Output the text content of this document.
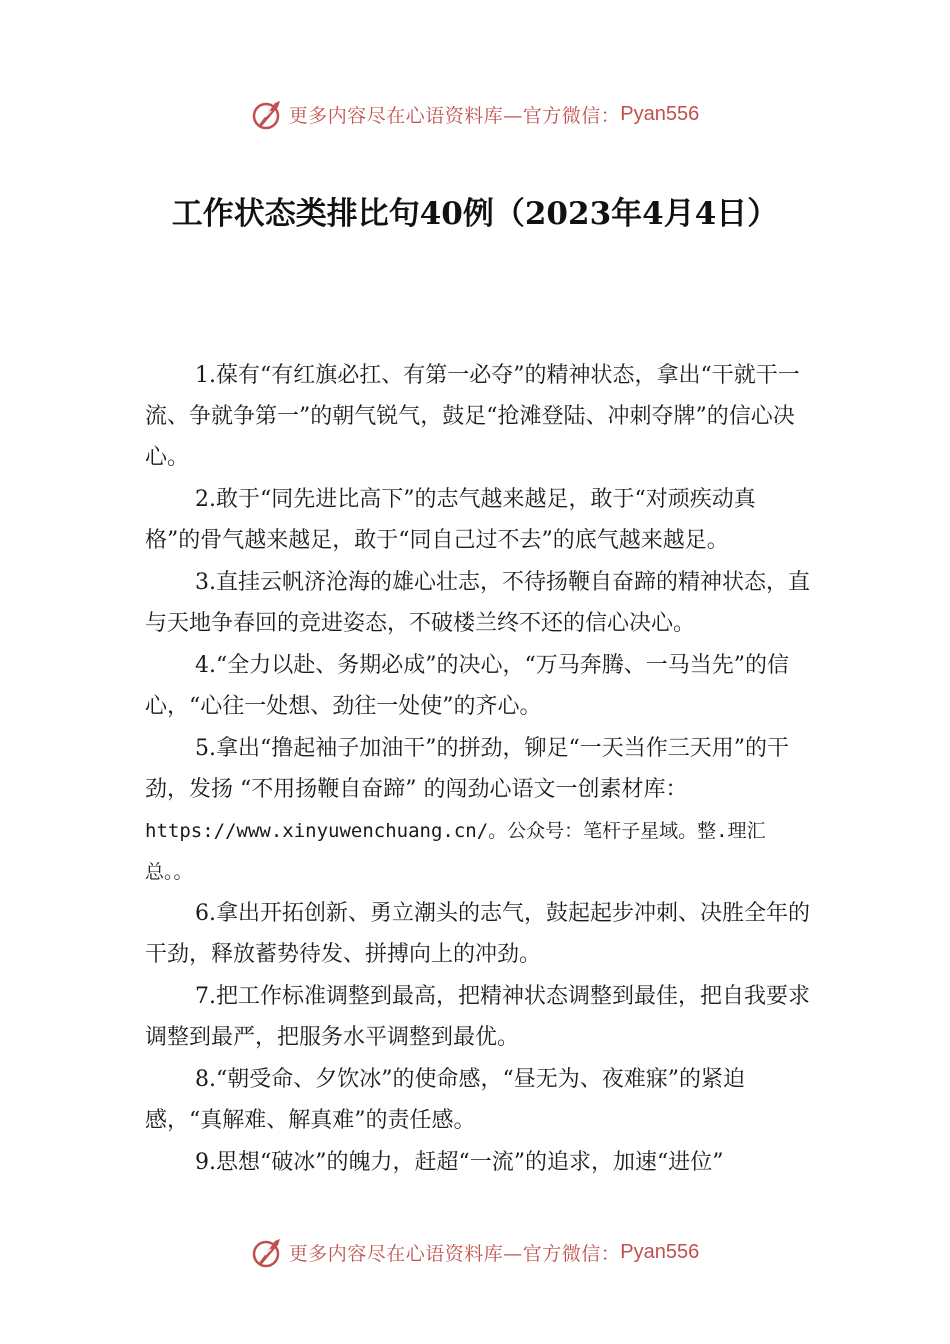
更多内容尽在心语资料库—官方微信： Pyan556
工作状态类排比句40例（2023年4月4日）

1.葆有“有红旗必扛、有第一必夺”的精神状态，拿出“干就干一流、争就争第一”的朝气锐气，鼓足“抢滩登陆、冲刺夺牌”的信心决心。

2.敢于“同先进比高下”的志气越来越足，敢于“对顽疾动真格”的骨气越来越足，敢于“同自己过不去”的底气越来越足。

3.直挂云帆济沧海的雄心壮志，不待扬鞭自奋蹄的精神状态，直与天地争春回的竞进姿态，不破楼兰终不还的信心决心。

4.“全力以赴、务期必成”的决心，“万马奔腾、一马当先”的信心，“心往一处想、劲往一处使”的齐心。

5.拿出“撸起袖子加油干”的拼劲，铆足“一天当作三天用”的干劲，发扬 “不用扬鞭自奋蹄” 的闯劲心语文一创素材库：
https://www.xinyuwenchuang.cn/。公众号：笔杆子星域。整.理汇总。。

6.拿出开拓创新、勇立潮头的志气，鼓起起步冲刺、决胜全年的干劲，释放蓄势待发、拼搏向上的冲劲。

7.把工作标准调整到最高，把精神状态调整到最佳，把自我要求调整到最严，把服务水平调整到最优。

8.“朝受命、夕饮冰”的使命感，“昼无为、夜难寐”的紧迫感，“真解难、解真难”的责任感。

9.思想“破冰”的魄力，赶超“一流”的追求，加速“进位”

更多内容尽在心语资料库—官方微信： Pyan556
